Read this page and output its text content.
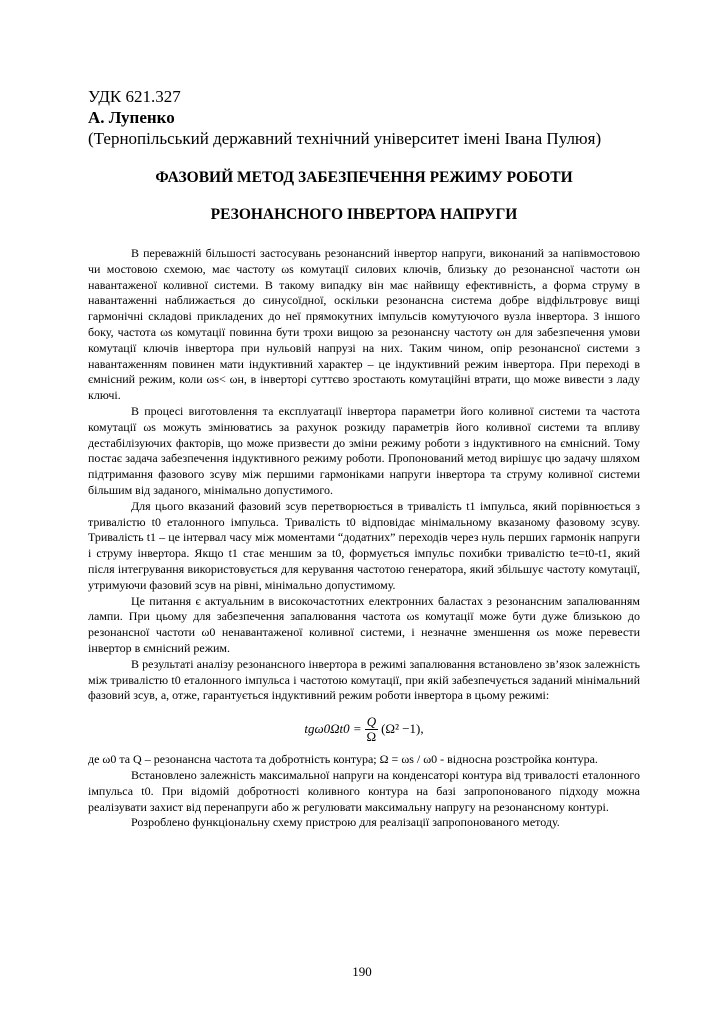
УДК 621.327
А. Лупенко
(Тернопільський державний технічний університет імені Івана Пулюя)
ФАЗОВИЙ МЕТОД ЗАБЕЗПЕЧЕННЯ РЕЖИМУ РОБОТИ
РЕЗОНАНСНОГО ІНВЕРТОРА НАПРУГИ

В переважній більшості застосувань резонансний інвертор напруги, виконаний за напівмостовою чи мостовою схемою, має частоту ωs комутації силових ключів, близьку до резонансної частоти ωн навантаженої коливної системи. В такому випадку він має найвищу ефективність, а форма струму в навантаженні наближається до синусоїдної, оскільки резонансна система добре відфільтровує вищі гармонічні складові прикладених до неї прямокутних імпульсів комутуючого вузла інвертора. З іншого боку, частота ωs комутації повинна бути трохи вищою за резонансну частоту ωн для забезпечення умови комутації ключів інвертора при нульовій напрузі на них. Таким чином, опір резонансної системи з навантаженням повинен мати індуктивний характер – це індуктивний режим інвертора. При переході в ємнісний режим, коли ωs< ωн, в інверторі суттєво зростають комутаційні втрати, що може вивести з ладу ключі.

В процесі виготовлення та експлуатації інвертора параметри його коливної системи та частота комутації ωs можуть змінюватись за рахунок розкиду параметрів його коливної системи та впливу дестабілізуючих факторів, що може призвести до зміни режиму роботи з індуктивного на ємнісний. Тому постає задача забезпечення індуктивного режиму роботи. Пропонований метод вирішує цю задачу шляхом підтримання фазового зсуву між першими гармоніками напруги інвертора та струму коливної системи більшим від заданого, мінімально допустимого.

Для цього вказаний фазовий зсув перетворюється в тривалість t1 імпульса, який порівнюється з тривалістю t0 еталонного імпульса. Тривалість t0 відповідає мінімальному вказаному фазовому зсуву. Тривалість t1 – це інтервал часу між моментами “додатних” переходів через нуль перших гармонік напруги і струму інвертора. Якщо t1 стає меншим за t0, формується імпульс похибки тривалістю tе=t0-t1, який після інтегрування використовується для керування частотою генератора, який збільшує частоту комутації, утримуючи фазовий зсув на рівні, мінімально допустимому.

Це питання є актуальним в високочастотних електронних баластах з резонансним запалюванням лампи. При цьому для забезпечення запалювання частота ωs комутації може бути дуже близькою до резонансної частоти ω0 ненавантаженої коливної системи, і незначне зменшення ωs може перевести інвертор в ємнісний режим.

В результаті аналізу резонансного інвертора в режимі запалювання встановлено зв’язок залежність між тривалістю t0 еталонного імпульса і частотою комутації, при якій забезпечується заданий мінімальний фазовий зсув, а, отже, гарантується індуктивний режим роботи інвертора в цьому режимі:

$tg\omega 0\Omega t0 = \frac{Q}{\Omega} (\Omega^2 -1)$,

де ω0 та Q – резонансна частота та добротність контура; Ω = ωs / ω0 - відносна розстройка контура.

Встановлено залежність максимальної напруги на конденсаторі контура від тривалості еталонного імпульса t0. При відомій добротності коливного контура на базі запропонованого підходу можна реалізувати захист від перенапруги або ж регулювати максимальну напругу на резонансному контурі.

Розроблено функціональну схему пристрою для реалізації запропонованого методу.

190
